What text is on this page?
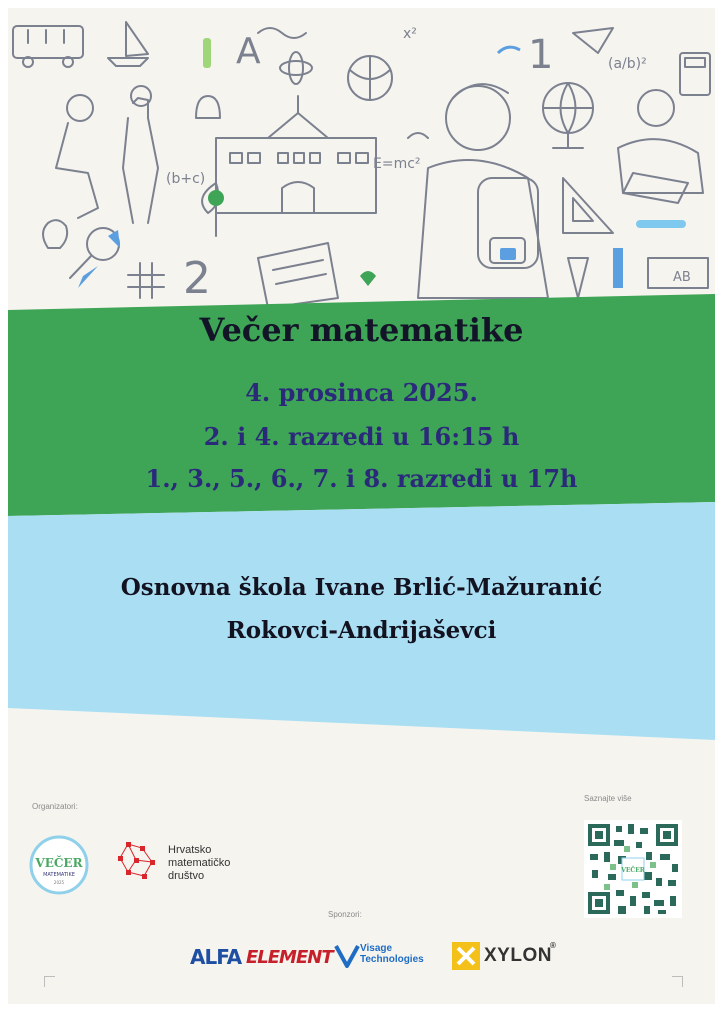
E=mc²
(b+c)
(a/b)²
2
1
A
AB
x²
Večer matematike
4. prosinca 2025.
2. i 4. razredi u 16:15 h
1., 3., 5., 6., 7. i 8. razredi u 17h
Osnovna škola Ivane Brlić-Mažuranić
Rokovci-Andrijaševci
Organizatori:
Saznajte više
Sponzori:
VEČER
MATEMATIKE
2025
Hrvatsko
matematičko
društvo	VEČER
ALFA ELEMENT	Visage
Technologies	XYLON
®
